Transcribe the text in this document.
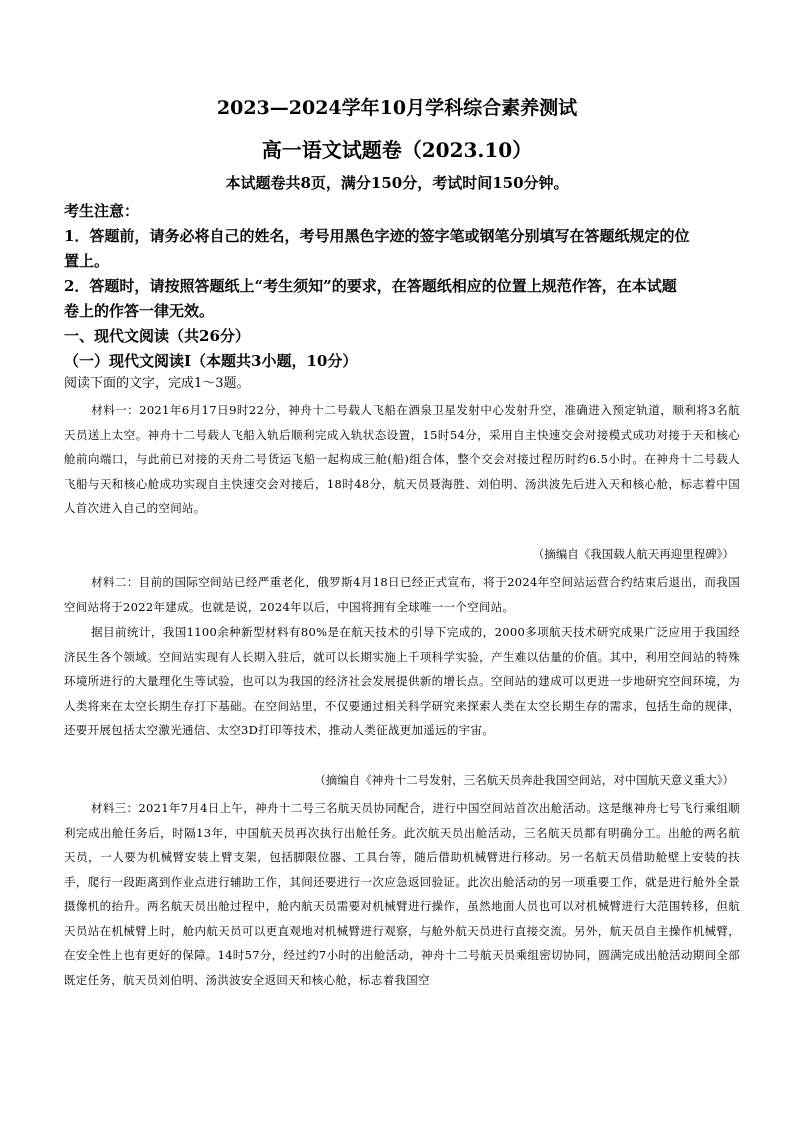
2023—2024学年10月学科综合素养测试
高一语文试题卷（2023.10）
本试题卷共8页，满分150分，考试时间150分钟。
考生注意：
1．答题前，请务必将自己的姓名，考号用黑色字迹的签字笔或钢笔分别填写在答题纸规定的位
置上。
2．答题时，请按照答题纸上“考生须知”的要求，在答题纸相应的位置上规范作答，在本试题
卷上的作答一律无效。
一、现代文阅读（共26分）
（一）现代文阅读Ⅰ（本题共3小题，10分）
阅读下面的文字，完成1～3题。
材料一：2021年6月17日9时22分，神舟十二号载人飞船在酒泉卫星发射中心发射升空，准确进入预定轨道，顺利将3名航天员送上太空。神舟十二号载人飞船入轨后顺利完成入轨状态设置，15时54分，采用自主快速交会对接模式成功对接于天和核心舱前向端口，与此前已对接的天舟二号货运飞船一起构成三舱(船)组合体，整个交会对接过程历时约6.5小时。在神舟十二号载人飞船与天和核心舱成功实现自主快速交会对接后，18时48分，航天员聂海胜、刘伯明、汤洪波先后进入天和核心舱，标志着中国人首次进入自己的空间站。
（摘编自《我国载人航天再迎里程碑》）
材料二：目前的国际空间站已经严重老化，俄罗斯4月18日已经正式宣布，将于2024年空间站运营合约结束后退出，而我国空间站将于2022年建成。也就是说，2024年以后，中国将拥有全球唯一一个空间站。
据目前统计，我国1100余种新型材料有80%是在航天技术的引导下完成的，2000多项航天技术研究成果广泛应用于我国经济民生各个领域。空间站实现有人长期入驻后，就可以长期实施上千项科学实验，产生难以估量的价值。其中，利用空间站的特殊环境所进行的大量理化生等试验，也可以为我国的经济社会发展提供新的增长点。空间站的建成可以更进一步地研究空间环境，为人类将来在太空长期生存打下基础。在空间站里，不仅要通过相关科学研究来探索人类在太空长期生存的需求，包括生命的规律，还要开展包括太空激光通信、太空3D打印等技术，推动人类征战更加遥远的宇宙。
（摘编自《神舟十二号发射，三名航天员奔赴我国空间站，对中国航天意义重大》）
材料三：2021年7月4日上午，神舟十二号三名航天员协同配合，进行中国空间站首次出舱活动。这是继神舟七号飞行乘组顺利完成出舱任务后，时隔13年，中国航天员再次执行出舱任务。此次航天员出舱活动，三名航天员都有明确分工。出舱的两名航天员，一人要为机械臂安装上臂支架，包括脚限位器、工具台等，随后借助机械臂进行移动。另一名航天员借助舱壁上安装的扶手，爬行一段距离到作业点进行辅助工作，其间还要进行一次应急返回验证。此次出舱活动的另一项重要工作，就是进行舱外全景摄像机的抬升。两名航天员出舱过程中，舱内航天员需要对机械臂进行操作，虽然地面人员也可以对机械臂进行大范围转移，但航天员站在机械臂上时，舱内航天员可以更直观地对机械臂进行观察，与舱外航天员进行直接交流。另外，航天员自主操作机械臂，在安全性上也有更好的保障。14时57分，经过约7小时的出舱活动，神舟十二号航天员乘组密切协同，圆满完成出舱活动期间全部既定任务，航天员刘伯明、汤洪波安全返回天和核心舱，标志着我国空
